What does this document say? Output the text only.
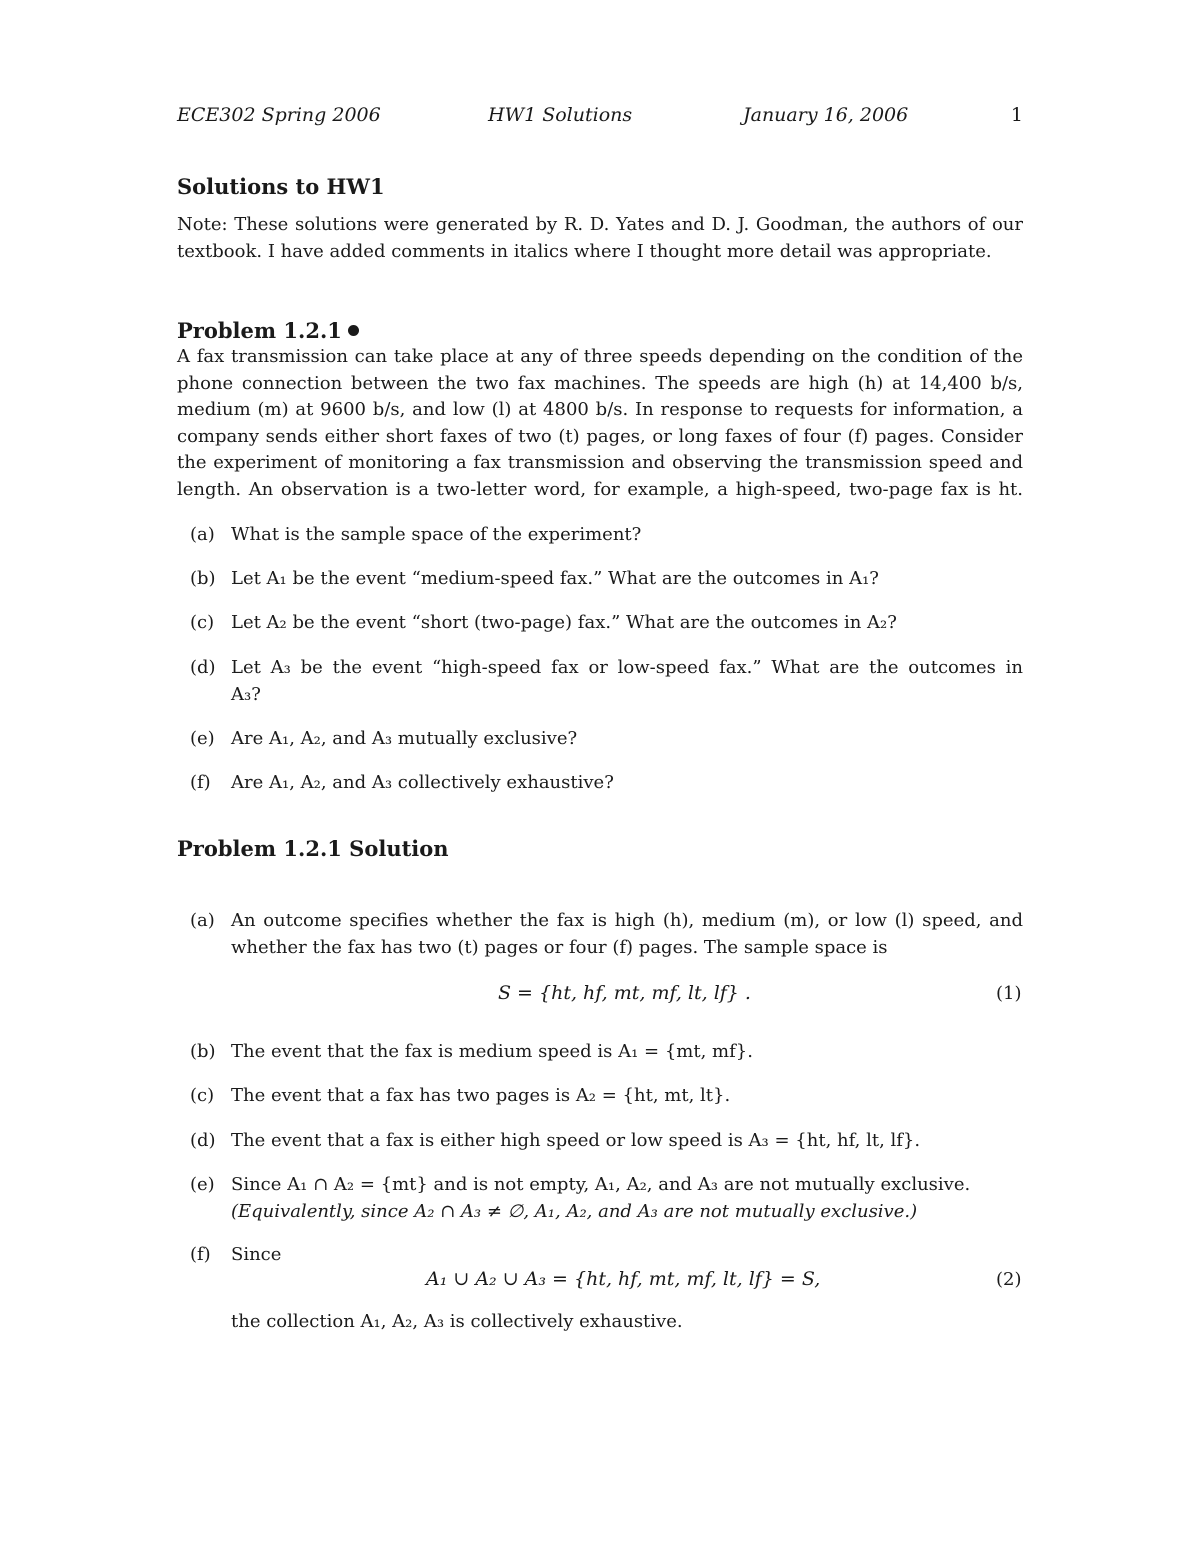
ECE302 Spring 2006	HW1 Solutions	January 16, 2006	1
Solutions to HW1
Note: These solutions were generated by R. D. Yates and D. J. Goodman, the authors of our
textbook. I have added comments in italics where I thought more detail was appropriate.
Problem 1.2.1
A fax transmission can take place at any of three speeds depending on the condition of the
phone connection between the two fax machines. The speeds are high (h) at 14,400 b/s,
medium (m) at 9600 b/s, and low (l) at 4800 b/s. In response to requests for information, a
company sends either short faxes of two (t) pages, or long faxes of four (f) pages. Consider
the experiment of monitoring a fax transmission and observing the transmission speed and
length. An observation is a two-letter word, for example, a high-speed, two-page fax is ht.
(a) What is the sample space of the experiment?
(b) Let A₁ be the event “medium-speed fax.” What are the outcomes in A₁?
(c) Let A₂ be the event “short (two-page) fax.” What are the outcomes in A₂?
(d) Let A₃ be the event “high-speed fax or low-speed fax.” What are the outcomes in
A₃?
(e) Are A₁, A₂, and A₃ mutually exclusive?
(f) Are A₁, A₂, and A₃ collectively exhaustive?
Problem 1.2.1 Solution
(a) An outcome specifies whether the fax is high (h), medium (m), or low (l) speed, and
whether the fax has two (t) pages or four (f) pages. The sample space is
S = {ht, hf, mt, mf, lt, lf} .	(1)
(b) The event that the fax is medium speed is A₁ = {mt, mf}.
(c) The event that a fax has two pages is A₂ = {ht, mt, lt}.
(d) The event that a fax is either high speed or low speed is A₃ = {ht, hf, lt, lf}.
(e) Since A₁ ∩ A₂ = {mt} and is not empty, A₁, A₂, and A₃ are not mutually exclusive.
(Equivalently, since A₂ ∩ A₃ ≠ ∅, A₁, A₂, and A₃ are not mutually exclusive.)
(f) Since
A₁ ∪ A₂ ∪ A₃ = {ht, hf, mt, mf, lt, lf} = S,	(2)
the collection A₁, A₂, A₃ is collectively exhaustive.
